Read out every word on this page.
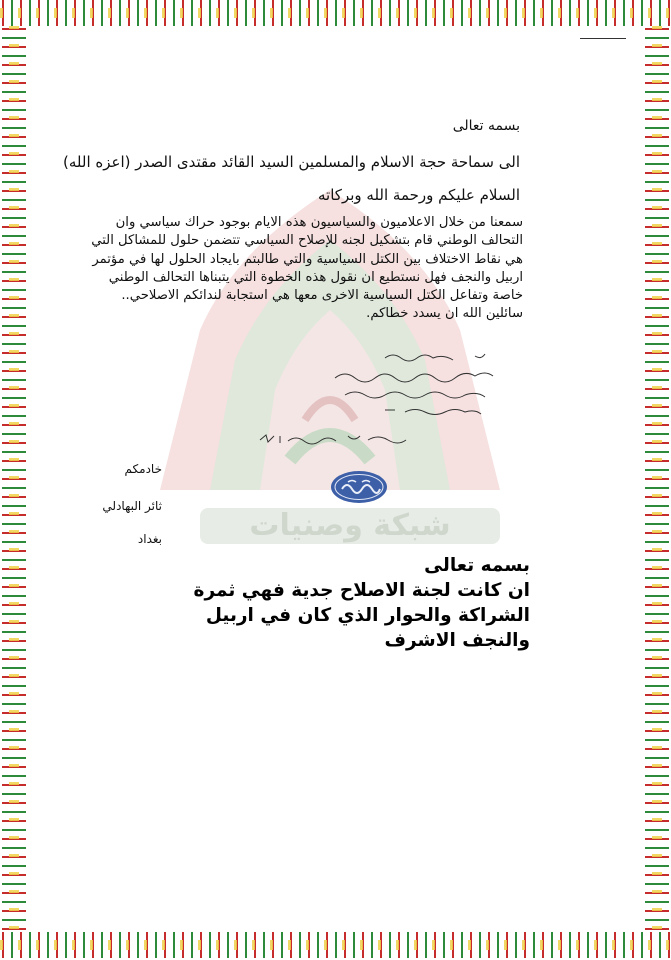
شبكة وصنيات
بسمه تعالى
الى سماحة حجة الاسلام والمسلمين السيد القائد مقتدى الصدر (اعزه الله)
السلام عليكم ورحمة الله وبركاته
سمعنا من خلال الاعلاميون والسياسيون هذه الايام بوجود حراك سياسي وان
التحالف الوطني قام بتشكيل لجنه للإصلاح السياسي تتضمن حلول للمشاكل التي
هي نقاط الاختلاف بين الكتل السياسية والتي طالبتم بايجاد الحلول لها في مؤتمر
اربيل والنجف فهل نستطيع ان نقول هذه الخطوة التي يتبناها التحالف الوطني
خاصة وتفاعل الكتل السياسية الاخرى معها هي استجابة لندائكم الاصلاحي..
سائلين الله ان يسدد خطاكم.
خادمكم
ثائر البهادلي
بغداد
بسمه تعالى
ان كانت لجنة الاصلاح جدية فهي ثمرة
الشراكة والحوار الذي كان في اربيل
والنجف الاشرف
